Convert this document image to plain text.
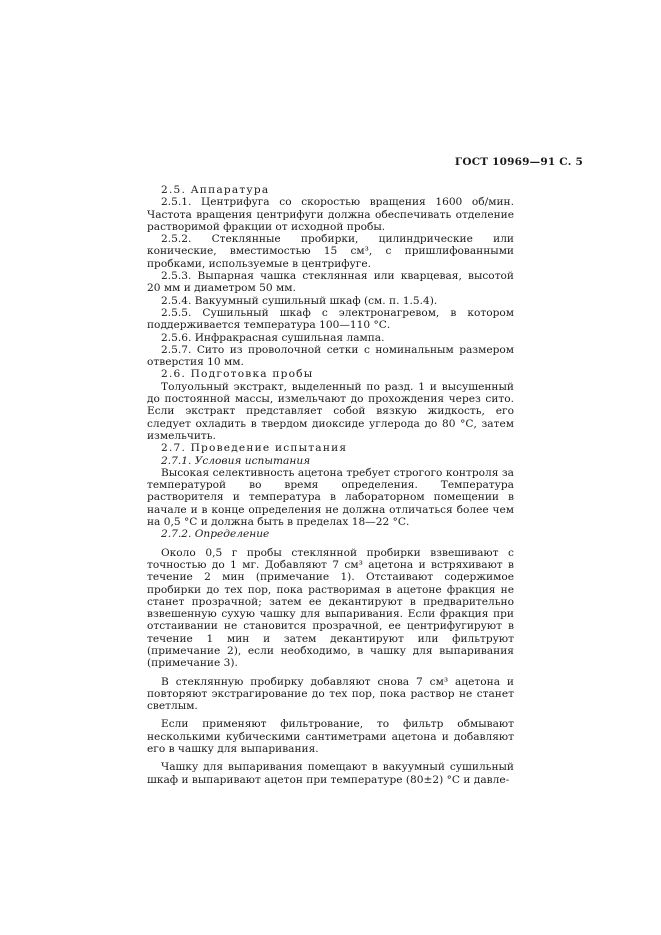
ГОСТ 10969—91 С. 5

2.5. Аппаратура

2.5.1. Центрифуга со скоростью вращения 1600 об/мин. Частота вращения центрифуги должна обеспечивать отделение растворимой фракции от исходной пробы.

2.5.2. Стеклянные пробирки, цилиндрические или конические, вместимостью 15 см³, с пришлифованными пробками, используемые в центрифуге.

2.5.3. Выпарная чашка стеклянная или кварцевая, высотой 20 мм и диаметром 50 мм.

2.5.4. Вакуумный сушильный шкаф (см. п. 1.5.4).

2.5.5. Сушильный шкаф с электронагревом, в котором поддерживается температура 100—110 °С.

2.5.6. Инфракрасная сушильная лампа.

2.5.7. Сито из проволочной сетки с номинальным размером отверстия 10 мм.

2.6. Подготовка пробы

Толуольный экстракт, выделенный по разд. 1 и высушенный до постоянной массы, измельчают до прохождения через сито. Если экстракт представляет собой вязкую жидкость, его следует охладить в твердом диоксиде углерода до 80 °С, затем измельчить.

2.7. Проведение испытания

2.7.1. Условия испытания

Высокая селективность ацетона требует строгого контроля за температурой во время определения. Температура растворителя и температура в лабораторном помещении в начале и в конце определения не должна отличаться более чем на 0,5 °С и должна быть в пределах 18—22 °С.

2.7.2. Определение

Около 0,5 г пробы стеклянной пробирки взвешивают с точностью до 1 мг. Добавляют 7 см³ ацетона и встряхивают в течение 2 мин (примечание 1). Отстаивают содержимое пробирки до тех пор, пока растворимая в ацетоне фракция не станет прозрачной; затем ее декантируют в предварительно взвешенную сухую чашку для выпаривания. Если фракция при отстаивании не становится прозрачной, ее центрифугируют в течение 1 мин и затем декантируют или фильтруют (примечание 2), если необходимо, в чашку для выпаривания (примечание 3).

В стеклянную пробирку добавляют снова 7 см³ ацетона и повторяют экстрагирование до тех пор, пока раствор не станет светлым.

Если применяют фильтрование, то фильтр обмывают несколькими кубическими сантиметрами ацетона и добавляют его в чашку для выпаривания.

Чашку для выпаривания помещают в вакуумный сушильный шкаф и выпаривают ацетон при температуре (80±2) °С и давле-
